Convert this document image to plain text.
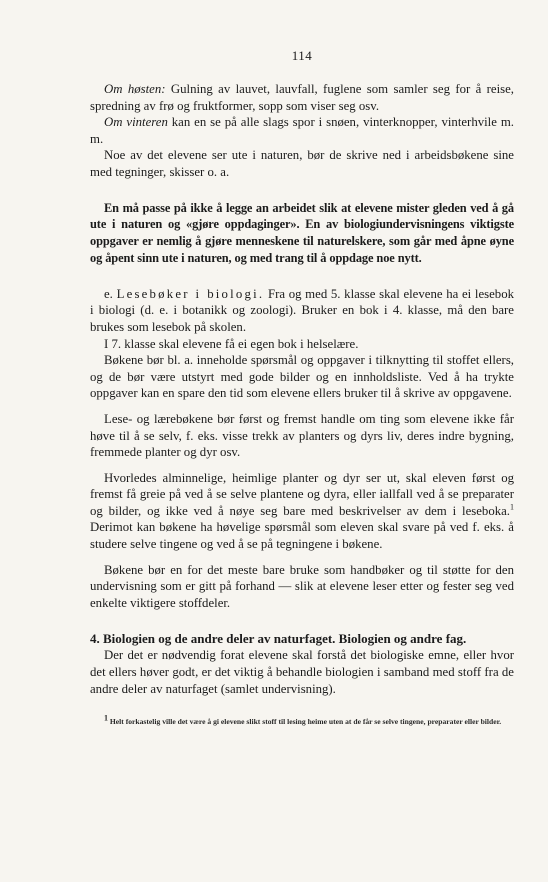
114

Om høsten: Gulning av lauvet, lauvfall, fuglene som samler seg for å reise, spredning av frø og fruktformer, sopp som viser seg osv.

Om vinteren kan en se på alle slags spor i snøen, vinterknopper, vinterhvile m. m.

Noe av det elevene ser ute i naturen, bør de skrive ned i arbeidsbøkene sine med tegninger, skisser o. a.

En må passe på ikke å legge an arbeidet slik at elevene mister gleden ved å gå ute i naturen og «gjøre oppdaginger». En av biologiundervisningens viktigste oppgaver er nemlig å gjøre menneskene til naturelskere, som går med åpne øyne og åpent sinn ute i naturen, og med trang til å oppdage noe nytt.

e. Lesebøker i biologi. Fra og med 5. klasse skal elevene ha ei lesebok i biologi (d. e. i botanikk og zoologi). Bruker en bok i 4. klasse, må den bare brukes som lesebok på skolen.

I 7. klasse skal elevene få ei egen bok i helselære.

Bøkene bør bl. a. inneholde spørsmål og oppgaver i tilknytting til stoffet ellers, og de bør være utstyrt med gode bilder og en innholdsliste. Ved å ha trykte oppgaver kan en spare den tid som elevene ellers bruker til å skrive av oppgavene.

Lese- og lærebøkene bør først og fremst handle om ting som elevene ikke får høve til å se selv, f. eks. visse trekk av planters og dyrs liv, deres indre bygning, fremmede planter og dyr osv.

Hvorledes alminnelige, heimlige planter og dyr ser ut, skal eleven først og fremst få greie på ved å se selve plantene og dyra, eller iallfall ved å se preparater og bilder, og ikke ved å nøye seg bare med beskrivelser av dem i leseboka.$^1$ Derimot kan bøkene ha høvelige spørsmål som eleven skal svare på ved f. eks. å studere selve tingene og ved å se på tegningene i bøkene.

Bøkene bør en for det meste bare bruke som handbøker og til støtte for den undervisning som er gitt på forhand — slik at elevene leser etter og fester seg ved enkelte viktigere stoffdeler.

4. Biologien og de andre deler av naturfaget. Biologien og andre fag.

Der det er nødvendig forat elevene skal forstå det biologiske emne, eller hvor det ellers høver godt, er det viktig å behandle biologien i samband med stoff fra de andre deler av naturfaget (samlet undervisning).

$^1$ Helt forkastelig ville det være å gi elevene slikt stoff til lesing heime uten at de får se selve tingene, preparater eller bilder.
